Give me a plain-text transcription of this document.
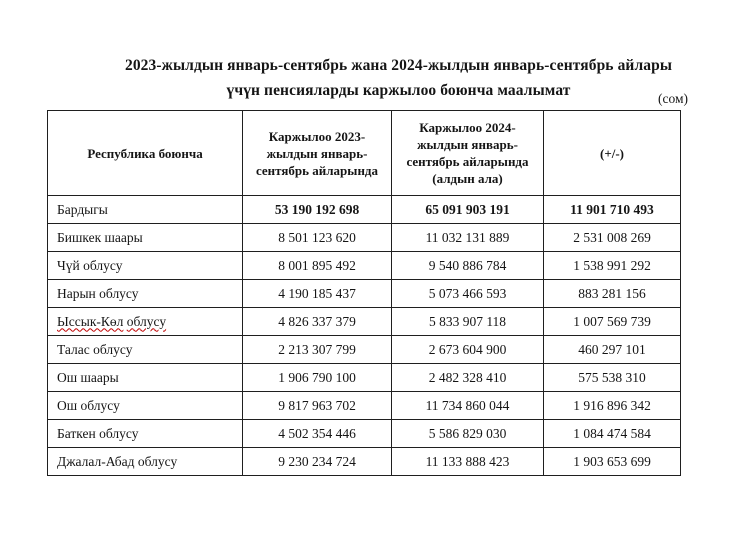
2023-жылдын январь-сентябрь жана 2024-жылдын январь-сентябрь айлары
үчүн пенсияларды каржылоо боюнча маалымат	(сом)
Республика боюнча	Каржылоо 2023-жылдын январь-сентябрь айларында	Каржылоо 2024-жылдын январь-сентябрь айларында (алдын ала)	(+/-)
Бардыгы	53 190 192 698	65 091 903 191	11 901 710 493
Бишкек шаары	8 501 123 620	11 032 131 889	2 531 008 269
Чүй облусу	8 001 895 492	9 540 886 784	1 538 991 292
Нарын облусу	4 190 185 437	5 073 466 593	883 281 156
Ыссык-Көл облусу	4 826 337 379	5 833 907 118	1 007 569 739
Талас облусу	2 213 307 799	2 673 604 900	460 297 101
Ош шаары	1 906 790 100	2 482 328 410	575 538 310
Ош облусу	9 817 963 702	11 734 860 044	1 916 896 342
Баткен облусу	4 502 354 446	5 586 829 030	1 084 474 584
Джалал-Абад облусу	9 230 234 724	11 133 888 423	1 903 653 699
